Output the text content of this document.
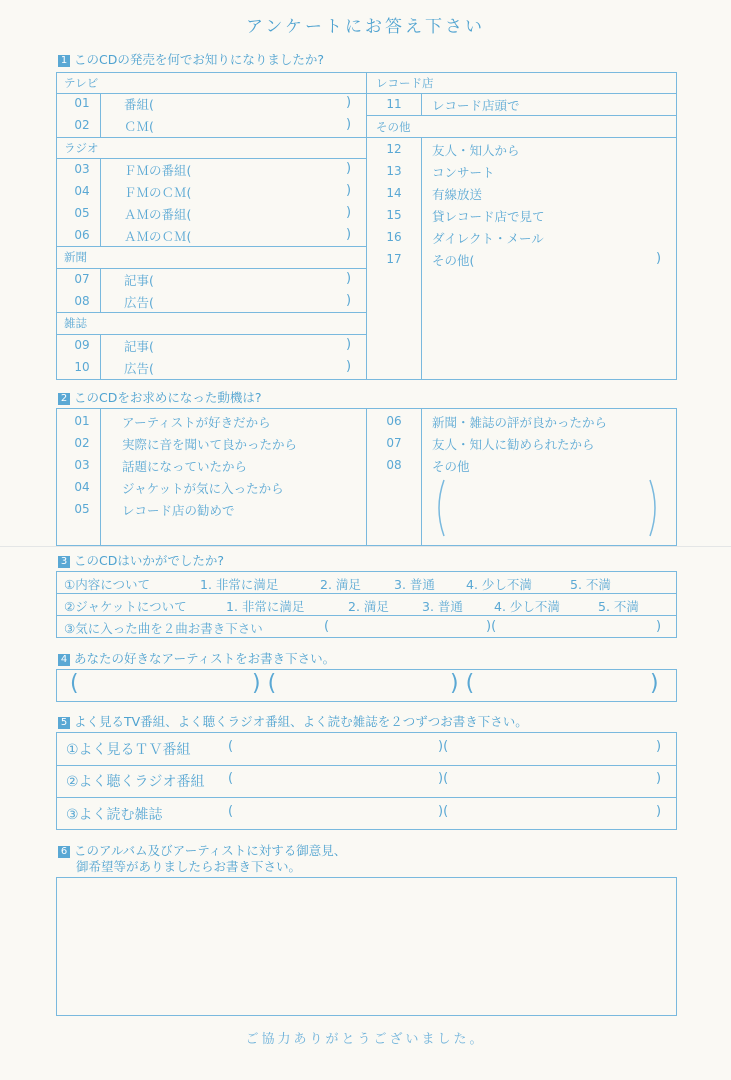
アンケートにお答え下さい
1 このCDの発売を何でお知りになりましたか?
テレビ
01	番組(	)
02	ＣＭ(	)
ラジオ
03	ＦＭの番組(	)
04	ＦＭのＣＭ(	)
05	ＡＭの番組(	)
06	ＡＭのＣＭ(	)
新聞
07	記事(	)
08	広告(	)
雑誌
09	記事(	)
10	広告(	)
レコード店
11	レコード店頭で
その他
12	友人・知人から
13	コンサート
14	有線放送
15	貸レコード店で見て
16	ダイレクト・メール
17	その他(	)
2 このCDをお求めになった動機は?
01	アーティストが好きだから
02	実際に音を聞いて良かったから
03	話題になっていたから
04	ジャケットが気に入ったから
05	レコード店の勧めで
06	新聞・雑誌の評が良かったから
07	友人・知人に勧められたから
08	その他
3 このCDはいかがでしたか?
①内容について	1. 非常に満足	2. 満足	3. 普通 4. 少し不満	5. 不満
②ジャケットについて	1. 非常に満足	2. 満足	3. 普通 4. 少し不満	5. 不満
③気に入った曲を２曲お書き下さい	(	)(	)
4 あなたの好きなアーティストをお書き下さい。
(	) (	) (	)
5 よく見るTV番組、よく聴くラジオ番組、よく読む雑誌を２つずつお書き下さい。
①よく見るＴＶ番組	(	)(	)
②よく聴くラジオ番組 (	)(	)
③よく読む雑誌	(	)(	)
6 このアルバム及びアーティストに対する御意見、
御希望等がありましたらお書き下さい。
ご協力ありがとうございました。
